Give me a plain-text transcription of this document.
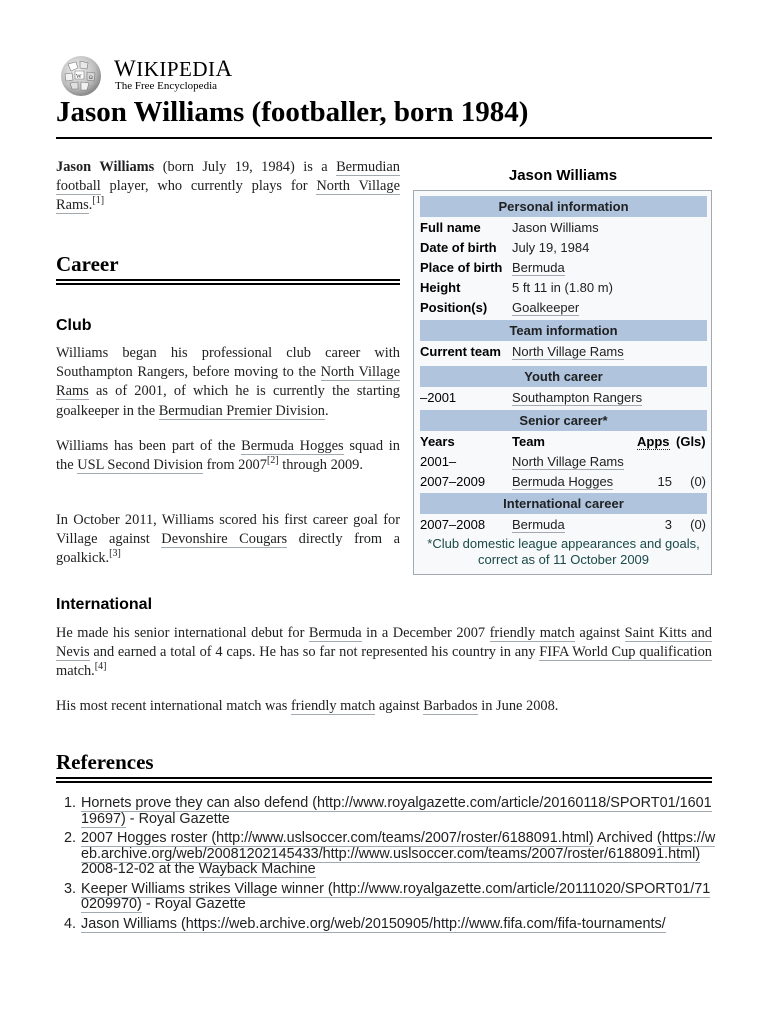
W Ω WIKIPEDIA
The Free Encyclopedia
Jason Williams (footballer, born 1984)

Jason Williams (born July 19, 1984) is a Bermudian football player, who currently plays for North Village Rams.[1]

Career
Club

Williams began his professional club career with Southampton Rangers, before moving to the North Village Rams as of 2001, of which he is currently the starting goalkeeper in the Bermudian Premier Division.

Williams has been part of the Bermuda Hogges squad in the USL Second Division from 2007[2] through 2009.

In October 2011, Williams scored his first career goal for Village against Devonshire Cougars directly from a goalkick.[3]

Jason Williams
Personal information
Full name Jason Williams
Date of birth July 19, 1984
Place of birth Bermuda
Height	5 ft 11 in (1.80 m)
Position(s) Goalkeeper
Team information
Current team North Village Rams
Youth career
–2001	Southampton Rangers
Senior career*
Years	Team	Apps (Gls)
2001–	North Village Rams
2007–2009 Bermuda Hogges	15	(0)
International career
2007–2008 Bermuda	3	(0)
*Club domestic league appearances and goals, correct as of 11 October 2009
International

He made his senior international debut for Bermuda in a December 2007 friendly match against Saint Kitts and Nevis and earned a total of 4 caps. He has so far not represented his country in any FIFA World Cup qualification match.[4]

His most recent international match was friendly match against Barbados in June 2008.

References
1. Hornets prove they can also defend (http://www.royalgazette.com/article/20160118/SPORT01/160119697) - Royal Gazette
2. 2007 Hogges roster (http://www.uslsoccer.com/teams/2007/roster/6188091.html) Archived (https://web.archive.org/web/20081202145433/http://www.uslsoccer.com/teams/2007/roster/6188091.html) 2008-12-02 at the Wayback Machine
3. Keeper Williams strikes Village winner (http://www.royalgazette.com/article/20111020/SPORT01/710209970) - Royal Gazette
4. Jason Williams (https://web.archive.org/web/20150905/http://www.fifa.com/fifa-tournaments/
